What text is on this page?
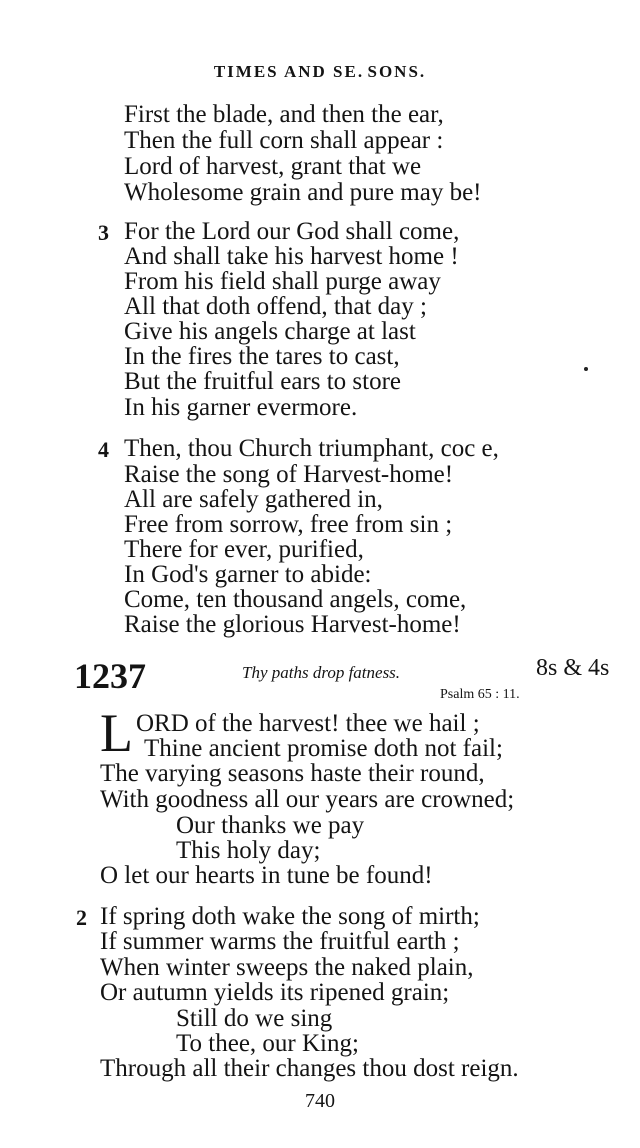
TIMES AND SE. SONS.
First the blade, and then the ear,
Then the full corn shall appear :
Lord of harvest, grant that we
Wholesome grain and pure may be!
3 For the Lord our God shall come,
And shall take his harvest home !
From his field shall purge away
All that doth offend, that day ;
Give his angels charge at last
In the fires the tares to cast,
But the fruitful ears to store
In his garner evermore.
4 Then, thou Church triumphant, coc e,
Raise the song of Harvest-home!
All are safely gathered in,
Free from sorrow, free from sin ;
There for ever, purified,
In God's garner to abide:
Come, ten thousand angels, come,
Raise the glorious Harvest-home!
1237	Thy paths drop fatness.	8s & 4s
Psalm 65 : 11.
L ORD of the harvest! thee we hail ;
Thine ancient promise doth not fail;
The varying seasons haste their round,
With goodness all our years are crowned;
Our thanks we pay
This holy day;
O let our hearts in tune be found!
2 If spring doth wake the song of mirth;
If summer warms the fruitful earth ;
When winter sweeps the naked plain,
Or autumn yields its ripened grain;
Still do we sing
To thee, our King;
Through all their changes thou dost reign.
740
